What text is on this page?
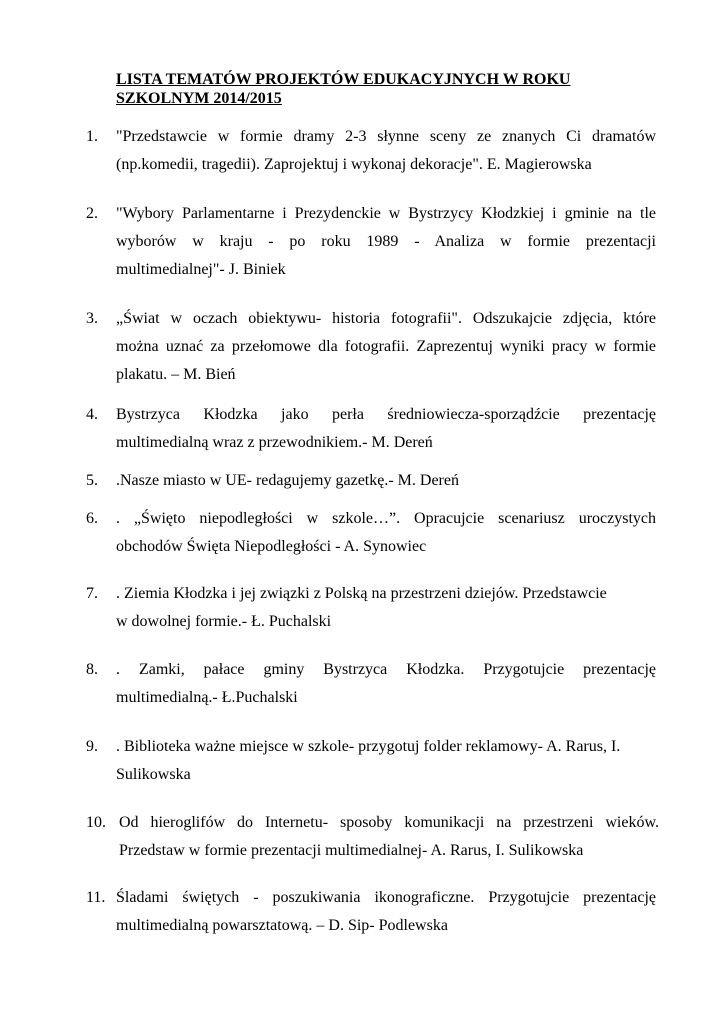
LISTA TEMATÓW PROJEKTÓW EDUKACYJNYCH W ROKU SZKOLNYM 2014/2015
1. "Przedstawcie w formie dramy 2-3 słynne sceny ze znanych Ci dramatów
(np.komedii, tragedii). Zaprojektuj i wykonaj dekoracje". E. Magierowska
2. "Wybory Parlamentarne i Prezydenckie w Bystrzycy Kłodzkiej i gminie na tle
wyborów w kraju - po roku 1989 - Analiza w formie prezentacji
multimedialnej"- J. Biniek
3. „Świat w oczach obiektywu- historia fotografii". Odszukajcie zdjęcia, które
można uznać za przełomowe dla fotografii. Zaprezentuj wyniki pracy w formie
plakatu. – M. Bień
4. Bystrzyca Kłodzka jako perła średniowiecza-sporządźcie prezentację
multimedialną wraz z przewodnikiem.- M. Dereń
5. .Nasze miasto w UE- redagujemy gazetkę.- M. Dereń
6. . „Święto niepodległości w szkole…”. Opracujcie scenariusz uroczystych
obchodów Święta Niepodległości - A. Synowiec
7. . Ziemia Kłodzka i jej związki z Polską na przestrzeni dziejów. Przedstawcie
w dowolnej formie.- Ł. Puchalski
8. . Zamki, pałace gminy Bystrzyca Kłodzka. Przygotujcie prezentację
multimedialną.- Ł.Puchalski
9. . Biblioteka ważne miejsce w szkole- przygotuj folder reklamowy- A. Rarus, I.
Sulikowska
10. Od hieroglifów do Internetu- sposoby komunikacji na przestrzeni wieków.
Przedstaw w formie prezentacji multimedialnej- A. Rarus, I. Sulikowska
11. Śladami świętych - poszukiwania ikonograficzne. Przygotujcie prezentację
multimedialną powarsztatową. – D. Sip- Podlewska
